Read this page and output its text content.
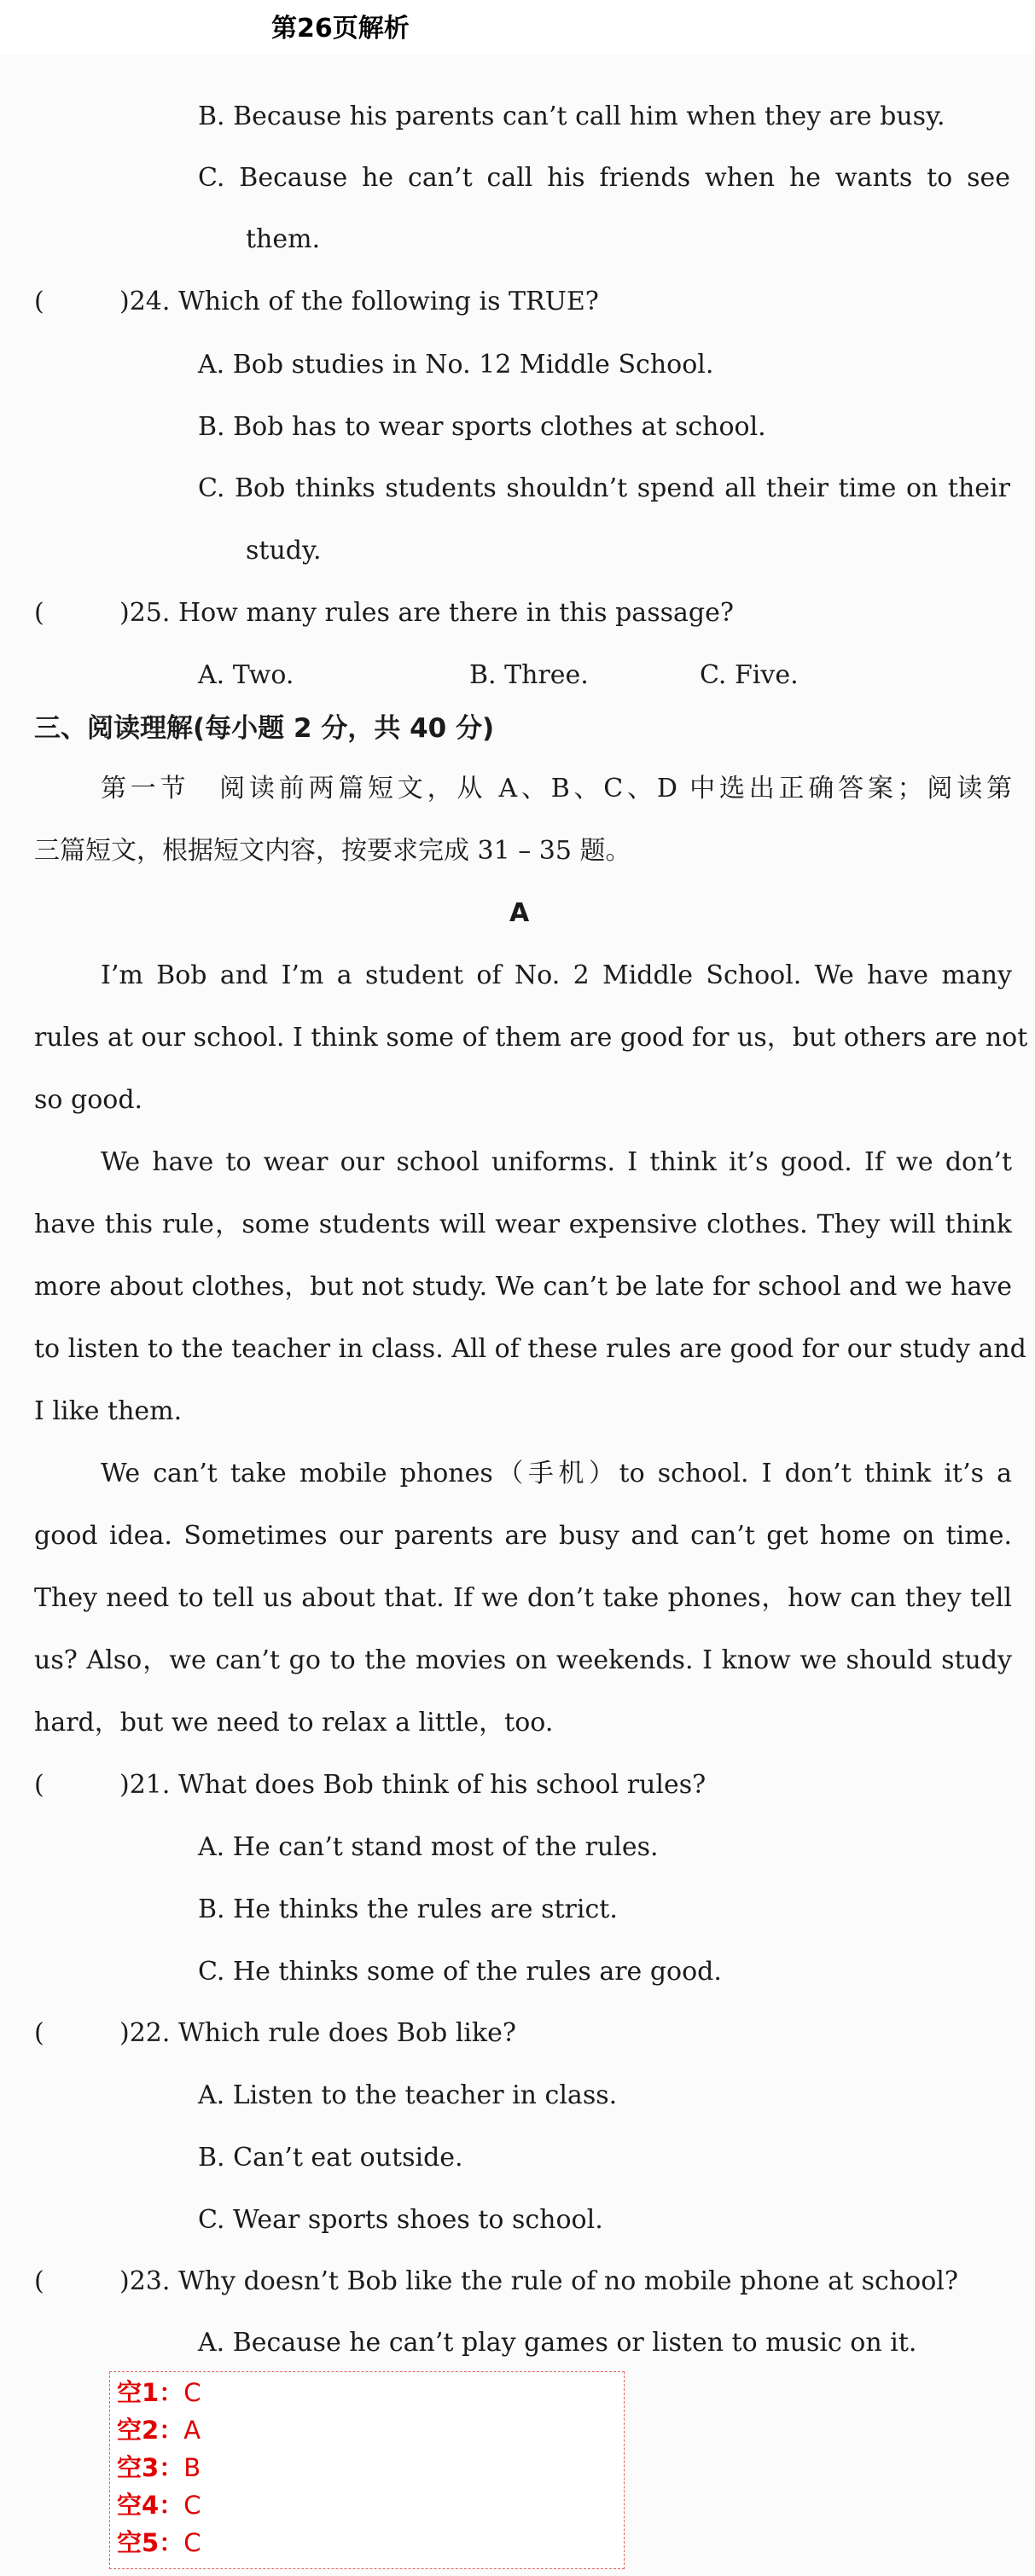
第26页解析
B. Because his parents can’t call him when they are busy.
C. Because he can’t call his friends when he wants to see
them.
(	)24. Which of the following is TRUE?
A. Bob studies in No. 12 Middle School.
B. Bob has to wear sports clothes at school.
C. Bob thinks students shouldn’t spend all their time on their
study.
(	)25. How many rules are there in this passage?
A. Two.	B. Three.	C. Five.
三、阅读理解(每小题 2 分，共 40 分)
第一节　阅读前两篇短文，从 A、B、C、D 中选出正确答案；阅读第
三篇短文，根据短文内容，按要求完成 31 – 35 题。
A
I’m Bob and I’m a student of No. 2 Middle School. We have many
rules at our school. I think some of them are good for us，but others are not
so good.
We have to wear our school uniforms. I think it’s good. If we don’t
have this rule，some students will wear expensive clothes. They will think
more about clothes，but not study. We can’t be late for school and we have
to listen to the teacher in class. All of these rules are good for our study and
I like them.
We can’t take mobile phones（手机）to school. I don’t think it’s a
good idea. Sometimes our parents are busy and can’t get home on time.
They need to tell us about that. If we don’t take phones，how can they tell
us? Also，we can’t go to the movies on weekends. I know we should study
hard，but we need to relax a little，too.
(	)21. What does Bob think of his school rules?
A. He can’t stand most of the rules.
B. He thinks the rules are strict.
C. He thinks some of the rules are good.
(	)22. Which rule does Bob like?
A. Listen to the teacher in class.
B. Can’t eat outside.
C. Wear sports shoes to school.
(	)23. Why doesn’t Bob like the rule of no mobile phone at school?
A. Because he can’t play games or listen to music on it.
空1：C
空2：A
空3：B
空4：C
空5：C
